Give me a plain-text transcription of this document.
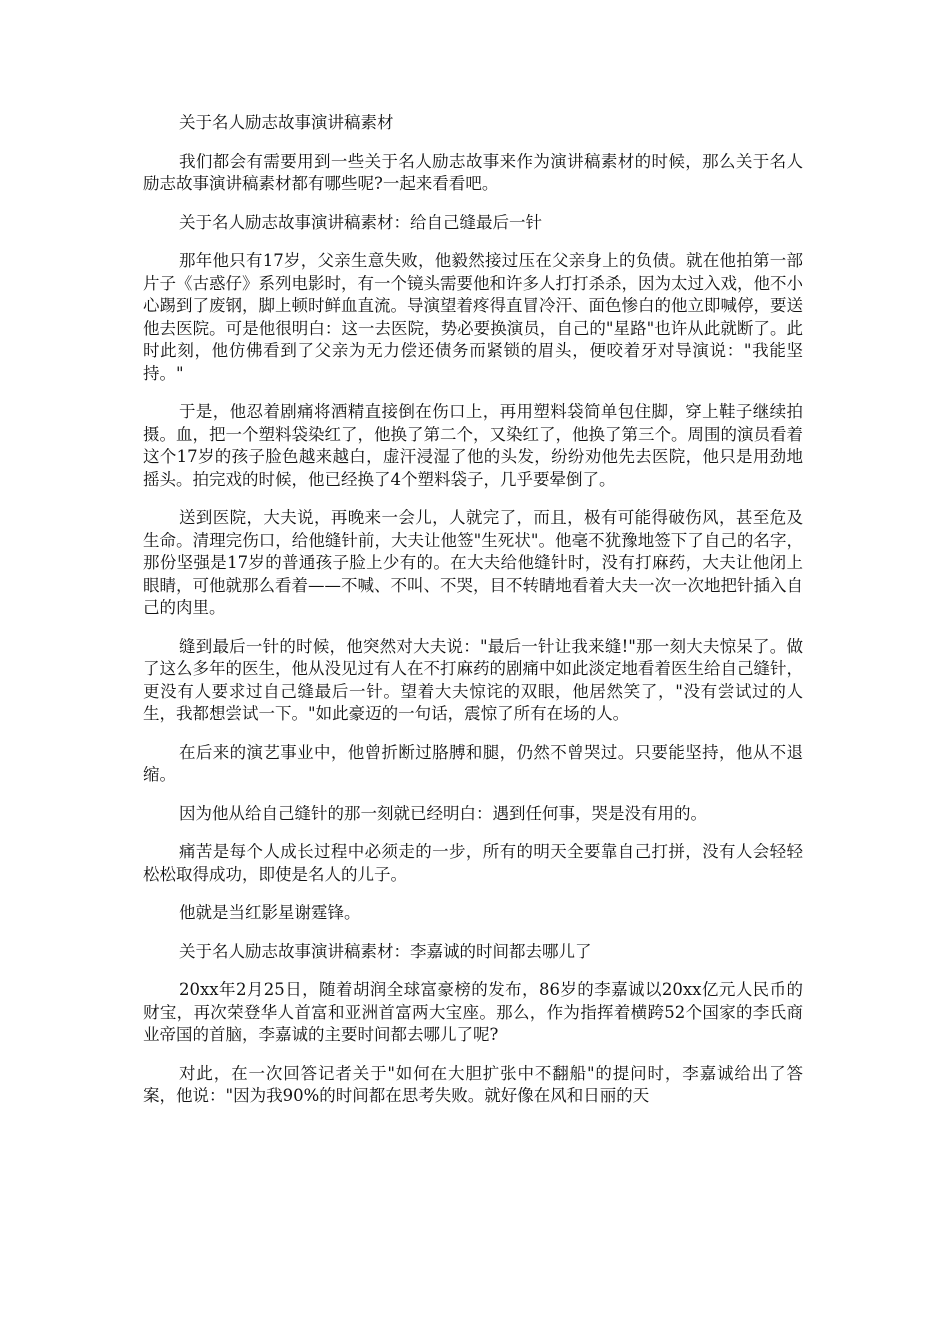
关于名人励志故事演讲稿素材

我们都会有需要用到一些关于名人励志故事来作为演讲稿素材的时候，那么关于名人励志故事演讲稿素材都有哪些呢?一起来看看吧。

关于名人励志故事演讲稿素材：给自己缝最后一针

那年他只有17岁，父亲生意失败，他毅然接过压在父亲身上的负债。就在他拍第一部片子《古惑仔》系列电影时，有一个镜头需要他和许多人打打杀杀，因为太过入戏，他不小心踢到了废钢，脚上顿时鲜血直流。导演望着疼得直冒冷汗、面色惨白的他立即喊停，要送他去医院。可是他很明白：这一去医院，势必要换演员，自己的"星路"也许从此就断了。此时此刻，他仿佛看到了父亲为无力偿还债务而紧锁的眉头，便咬着牙对导演说："我能坚持。"

于是，他忍着剧痛将酒精直接倒在伤口上，再用塑料袋简单包住脚，穿上鞋子继续拍摄。血，把一个塑料袋染红了，他换了第二个，又染红了，他换了第三个。周围的演员看着这个17岁的孩子脸色越来越白，虚汗浸湿了他的头发，纷纷劝他先去医院，他只是用劲地摇头。拍完戏的时候，他已经换了4个塑料袋子，几乎要晕倒了。

送到医院，大夫说，再晚来一会儿，人就完了，而且，极有可能得破伤风，甚至危及生命。清理完伤口，给他缝针前，大夫让他签"生死状"。他毫不犹豫地签下了自己的名字，那份坚强是17岁的普通孩子脸上少有的。在大夫给他缝针时，没有打麻药，大夫让他闭上眼睛，可他就那么看着——不喊、不叫、不哭，目不转睛地看着大夫一次一次地把针插入自己的肉里。

缝到最后一针的时候，他突然对大夫说："最后一针让我来缝!"那一刻大夫惊呆了。做了这么多年的医生，他从没见过有人在不打麻药的剧痛中如此淡定地看着医生给自己缝针，更没有人要求过自己缝最后一针。望着大夫惊诧的双眼，他居然笑了，"没有尝试过的人生，我都想尝试一下。"如此豪迈的一句话，震惊了所有在场的人。

在后来的演艺事业中，他曾折断过胳膊和腿，仍然不曾哭过。只要能坚持，他从不退缩。

因为他从给自己缝针的那一刻就已经明白：遇到任何事，哭是没有用的。

痛苦是每个人成长过程中必须走的一步，所有的明天全要靠自己打拼，没有人会轻轻松松取得成功，即使是名人的儿子。

他就是当红影星谢霆锋。

关于名人励志故事演讲稿素材：李嘉诚的时间都去哪儿了

20xx年2月25日，随着胡润全球富豪榜的发布，86岁的李嘉诚以20xx亿元人民币的财宝，再次荣登华人首富和亚洲首富两大宝座。那么，作为指挥着横跨52个国家的李氏商业帝国的首脑，李嘉诚的主要时间都去哪儿了呢?

对此，在一次回答记者关于"如何在大胆扩张中不翻船"的提问时，李嘉诚给出了答案，他说："因为我90%的时间都在思考失败。就好像在风和日丽的天
